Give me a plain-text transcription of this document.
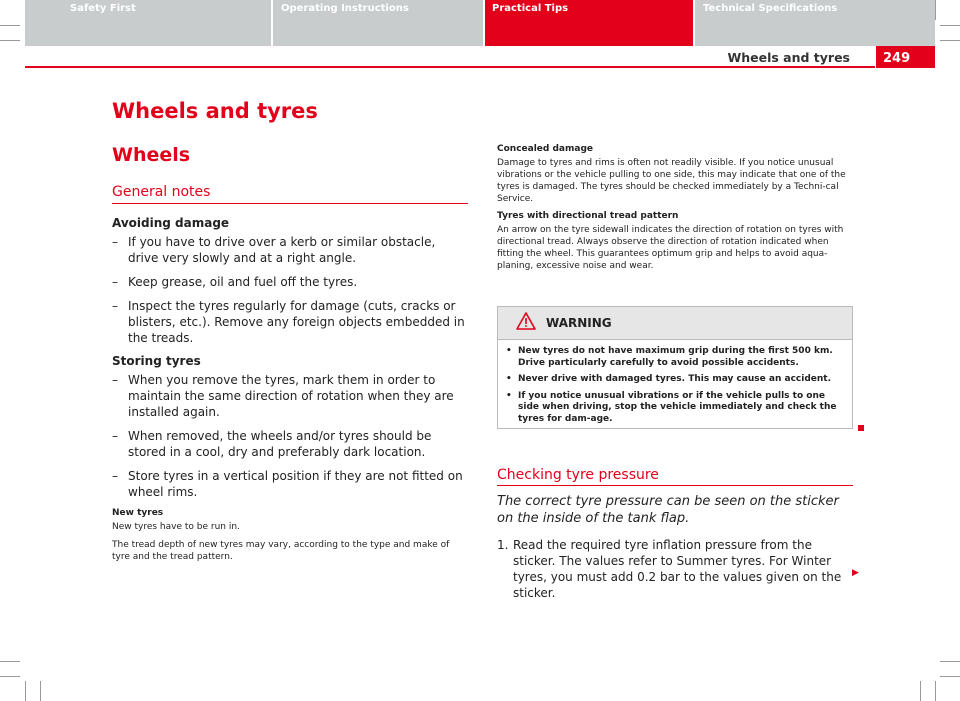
Wheels and tyres	249
Wheels and tyres
Wheels
General notes
Avoiding damage
– If you have to drive over a kerb or similar obstacle, drive very slowly and at a right angle.
– Keep grease, oil and fuel off the tyres.
– Inspect the tyres regularly for damage (cuts, cracks or blisters, etc.). Remove any foreign objects embedded in the treads.
Storing tyres
– When you remove the tyres, mark them in order to maintain the same direction of rotation when they are installed again.
– When removed, the wheels and/or tyres should be stored in a cool, dry and preferably dark location.
– Store tyres in a vertical position if they are not fitted on wheel rims.
New tyres
New tyres have to be run in.
The tread depth of new tyres may vary, according to the type and make of tyre and the tread pattern.
Concealed damage
Damage to tyres and rims is often not readily visible. If you notice unusual vibrations or the vehicle pulling to one side, this may indicate that one of the tyres is damaged. The tyres should be checked immediately by a Techni-cal Service.
Tyres with directional tread pattern
An arrow on the tyre sidewall indicates the direction of rotation on tyres with directional tread. Always observe the direction of rotation indicated when fitting the wheel. This guarantees optimum grip and helps to avoid aqua-planing, excessive noise and wear.
WARNING
• New tyres do not have maximum grip during the first 500 km. Drive particularly carefully to avoid possible accidents.
• Never drive with damaged tyres. This may cause an accident.
• If you notice unusual vibrations or if the vehicle pulls to one side when driving, stop the vehicle immediately and check the tyres for dam-age.
Checking tyre pressure
The correct tyre pressure can be seen on the sticker on the inside of the tank flap.
1. Read the required tyre inflation pressure from the sticker. The values refer to Summer tyres. For Winter tyres, you must add 0.2 bar to the values given on the sticker.
▶
Safety First	Operating Instructions	Practical Tips	Technical Specifications
